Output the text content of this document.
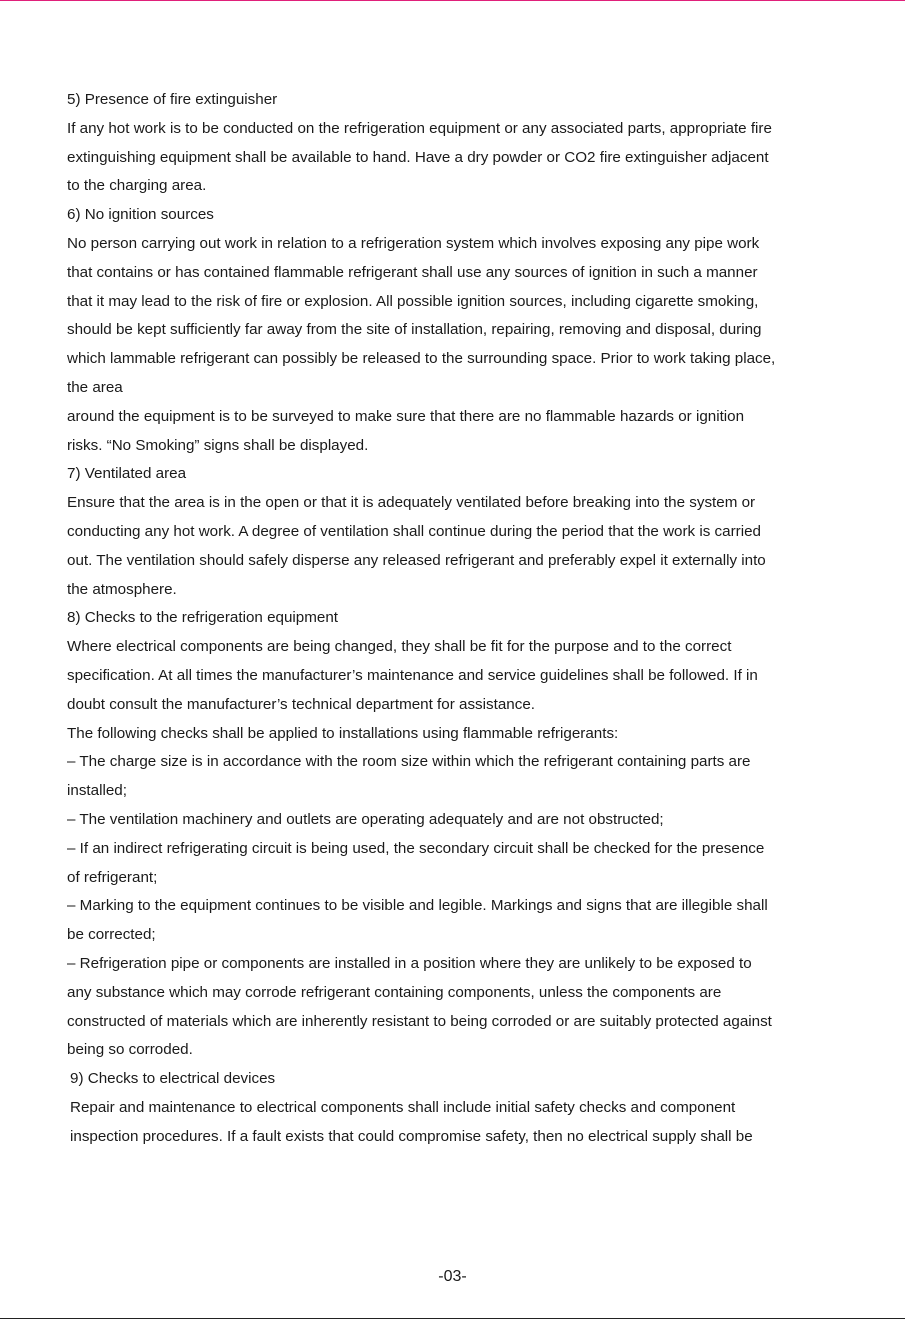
5) Presence of fire extinguisher
If any hot work is to be conducted on the refrigeration equipment or any associated parts, appropriate fire
extinguishing equipment shall be available to hand. Have a dry powder or CO2 fire extinguisher adjacent
to the charging area.
6) No ignition sources
No person carrying out work in relation to a refrigeration system which involves exposing any pipe work
that contains or has contained flammable refrigerant shall use any sources of ignition in such a manner
that it may lead to the risk of fire or explosion. All possible ignition sources, including cigarette smoking,
should be kept sufficiently far away from the site of installation, repairing, removing and disposal, during
which lammable refrigerant can possibly be released to the surrounding space. Prior to work taking place,
the area
around the equipment is to be surveyed to make sure that there are no flammable hazards or ignition
risks. “No Smoking” signs shall be displayed.
7) Ventilated area
Ensure that the area is in the open or that it is adequately ventilated before breaking into the system or
conducting any hot work. A degree of ventilation shall continue during the period that the work is carried
out. The ventilation should safely disperse any released refrigerant and preferably expel it externally into
the atmosphere.
8) Checks to the refrigeration equipment
Where electrical components are being changed, they shall be fit for the purpose and to the correct
specification. At all times the manufacturer’s maintenance and service guidelines shall be followed. If in
doubt consult the manufacturer’s technical department for assistance.
The following checks shall be applied to installations using flammable refrigerants:
– The charge size is in accordance with the room size within which the refrigerant containing parts are
installed;
– The ventilation machinery and outlets are operating adequately and are not obstructed;
– If an indirect refrigerating circuit is being used, the secondary circuit shall be checked for the presence
of refrigerant;
– Marking to the equipment continues to be visible and legible. Markings and signs that are illegible shall
be corrected;
– Refrigeration pipe or components are installed in a position where they are unlikely to be exposed to
any substance which may corrode refrigerant containing components, unless the components are
constructed of materials which are inherently resistant to being corroded or are suitably protected against
being so corroded.
9) Checks to electrical devices
Repair and maintenance to electrical components shall include initial safety checks and component
inspection procedures. If a fault exists that could compromise safety, then no electrical supply shall be
-03-
